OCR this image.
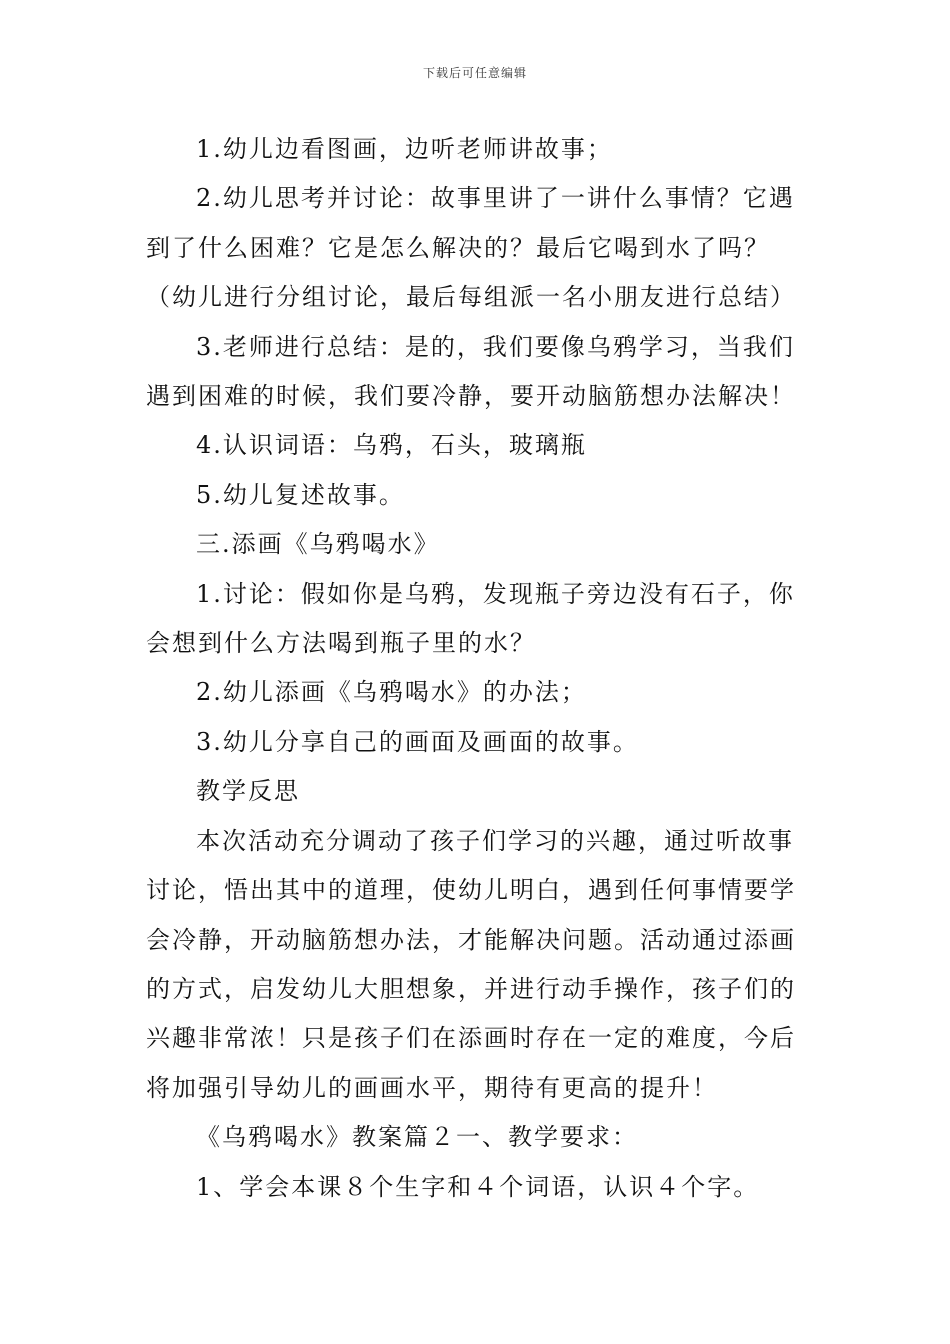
下载后可任意编辑
1.幼儿边看图画，边听老师讲故事；
2.幼儿思考并讨论：故事里讲了一讲什么事情？它遇
到了什么困难？它是怎么解决的？最后它喝到水了吗？
（幼儿进行分组讨论，最后每组派一名小朋友进行总结）
3.老师进行总结：是的，我们要像乌鸦学习，当我们
遇到困难的时候，我们要冷静，要开动脑筋想办法解决！
4.认识词语：乌鸦，石头，玻璃瓶
5.幼儿复述故事。
三.添画《乌鸦喝水》
1.讨论：假如你是乌鸦，发现瓶子旁边没有石子，你
会想到什么方法喝到瓶子里的水？
2.幼儿添画《乌鸦喝水》的办法；
3.幼儿分享自己的画面及画面的故事。
教学反思
本次活动充分调动了孩子们学习的兴趣，通过听故事
讨论，悟出其中的道理，使幼儿明白，遇到任何事情要学
会冷静，开动脑筋想办法，才能解决问题。活动通过添画
的方式，启发幼儿大胆想象，并进行动手操作，孩子们的
兴趣非常浓！只是孩子们在添画时存在一定的难度，今后
将加强引导幼儿的画画水平，期待有更高的提升！
《乌鸦喝水》教案篇２一、教学要求：
1、学会本课８个生字和４个词语，认识４个字。
